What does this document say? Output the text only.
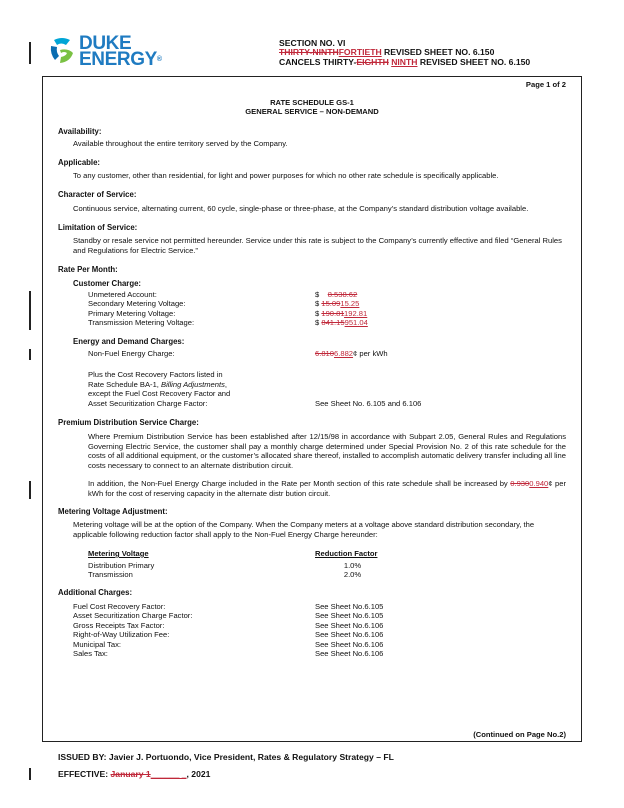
DUKE
ENERGY®
SECTION NO. VI
THIRTY-NINTHFORTIETH REVISED SHEET NO. 6.150
CANCELS THIRTY-EIGHTH NINTH REVISED SHEET NO. 6.150
Page 1 of 2
RATE SCHEDULE GS-1
GENERAL SERVICE – NON-DEMAND
Availability:
Available throughout the entire territory served by the Company.
Applicable:
To any customer, other than residential, for light and power purposes for which no other rate schedule is specifically applicable.
Character of Service:
Continuous service, alternating current, 60 cycle, single-phase or three-phase, at the Company’s standard distribution voltage available.
Limitation of Service:
Standby or resale service not permitted hereunder. Service under this rate is subject to the Company’s currently effective and filed “General Rules and Regulations for Electric Service.”
Rate Per Month:
Customer Charge:
Unmetered Account:	$ 8.538.62
Secondary Metering Voltage:	$ 15.0915.25
Primary Metering Voltage:	$ 190.81192.81
Transmission Metering Voltage:	$ 841.15951.04
Energy and Demand Charges:
Non-Fuel Energy Charge:	6.8106.882¢ per kWh
Plus the Cost Recovery Factors listed in
Rate Schedule BA-1, Billing Adjustments,
except the Fuel Cost Recovery Factor and
Asset Securitization Charge Factor:	See Sheet No. 6.105 and 6.106
Premium Distribution Service Charge:
Where Premium Distribution Service has been established after 12/15/98 in accordance with Subpart 2.05, General Rules and Regulations Governing Electric Service, the customer shall pay a monthly charge determined under Special Provision No. 2 of this rate schedule for the costs of all additional equipment, or the customer’s allocated share thereof, installed to accomplish automatic delivery transfer including all line costs necessary to connect to an alternate distribution circuit.
In addition, the Non-Fuel Energy Charge included in the Rate per Month section of this rate schedule shall be increased by 0.9300.940¢ per kWh for the cost of reserving capacity in the alternate distr bution circuit.
Metering Voltage Adjustment:
Metering voltage will be at the option of the Company. When the Company meters at a voltage above standard distribution secondary, the applicable following reduction factor shall apply to the Non-Fuel Energy Charge hereunder:
Metering Voltage	Reduction Factor
Distribution Primary	1.0%
Transmission	2.0%
Additional Charges:
Fuel Cost Recovery Factor:	See Sheet No.6.105
Asset Securitization Charge Factor:	See Sheet No.6.105
Gross Receipts Tax Factor:	See Sheet No.6.106
Right-of-Way Utilization Fee:	See Sheet No.6.106
Municipal Tax:	See Sheet No.6.106
Sales Tax:	See Sheet No.6.106
(Continued on Page No.2)
ISSUED BY: Javier J. Portuondo, Vice President, Rates & Regulatory Strategy – FL
EFFECTIVE: January 1______ _, 2021
